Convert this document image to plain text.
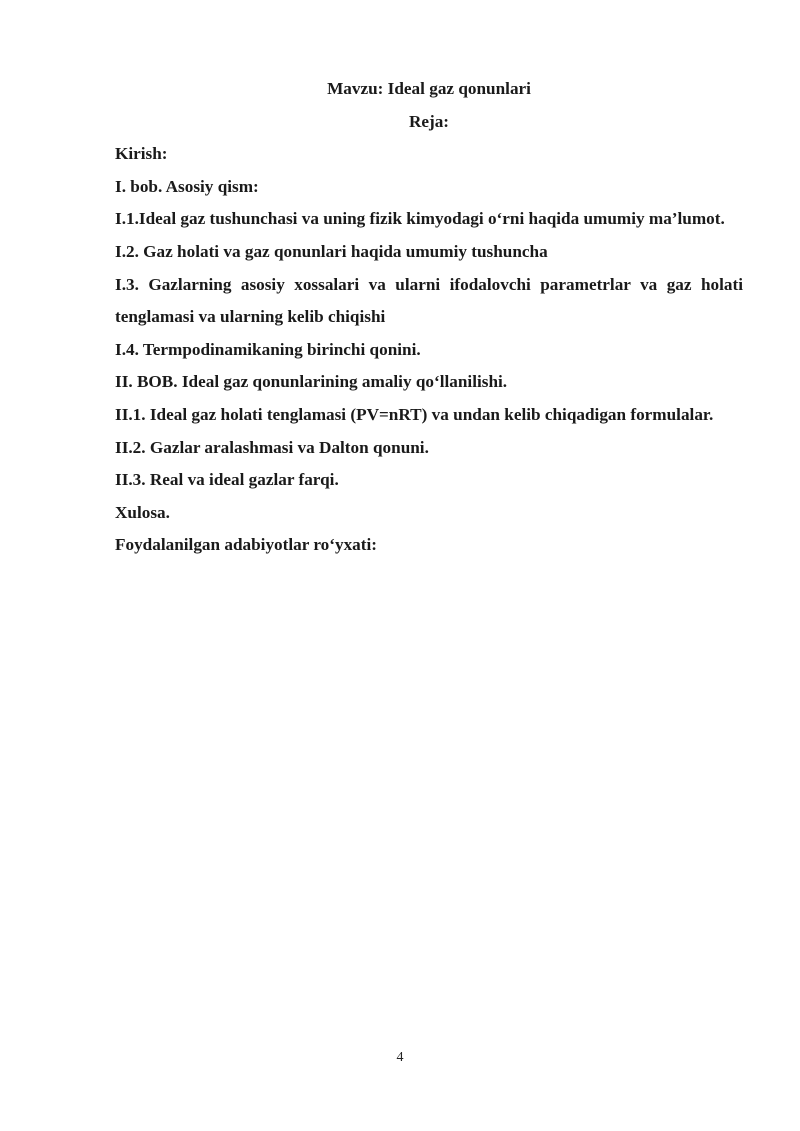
Mavzu: Ideal gaz qonunlari

Reja:

Kirish:

I. bob. Asosiy qism:

I.1.Ideal gaz tushunchasi va uning fizik kimyodagi o‘rni haqida umumiy ma’lumot.

I.2. Gaz holati va gaz qonunlari haqida umumiy tushuncha

I.3. Gazlarning asosiy xossalari va ularni ifodalovchi parametrlar va gaz holati tenglamasi va ularning kelib chiqishi

I.4. Termpodinamikaning birinchi qonini.

II. BOB. Ideal gaz qonunlarining amaliy qo‘llanilishi.

II.1. Ideal gaz holati tenglamasi (PV=nRT) va undan kelib chiqadigan formulalar.

II.2. Gazlar aralashmasi va Dalton qonuni.

II.3. Real va ideal gazlar farqi.

Xulosa.

Foydalanilgan adabiyotlar ro‘yxati:

4
